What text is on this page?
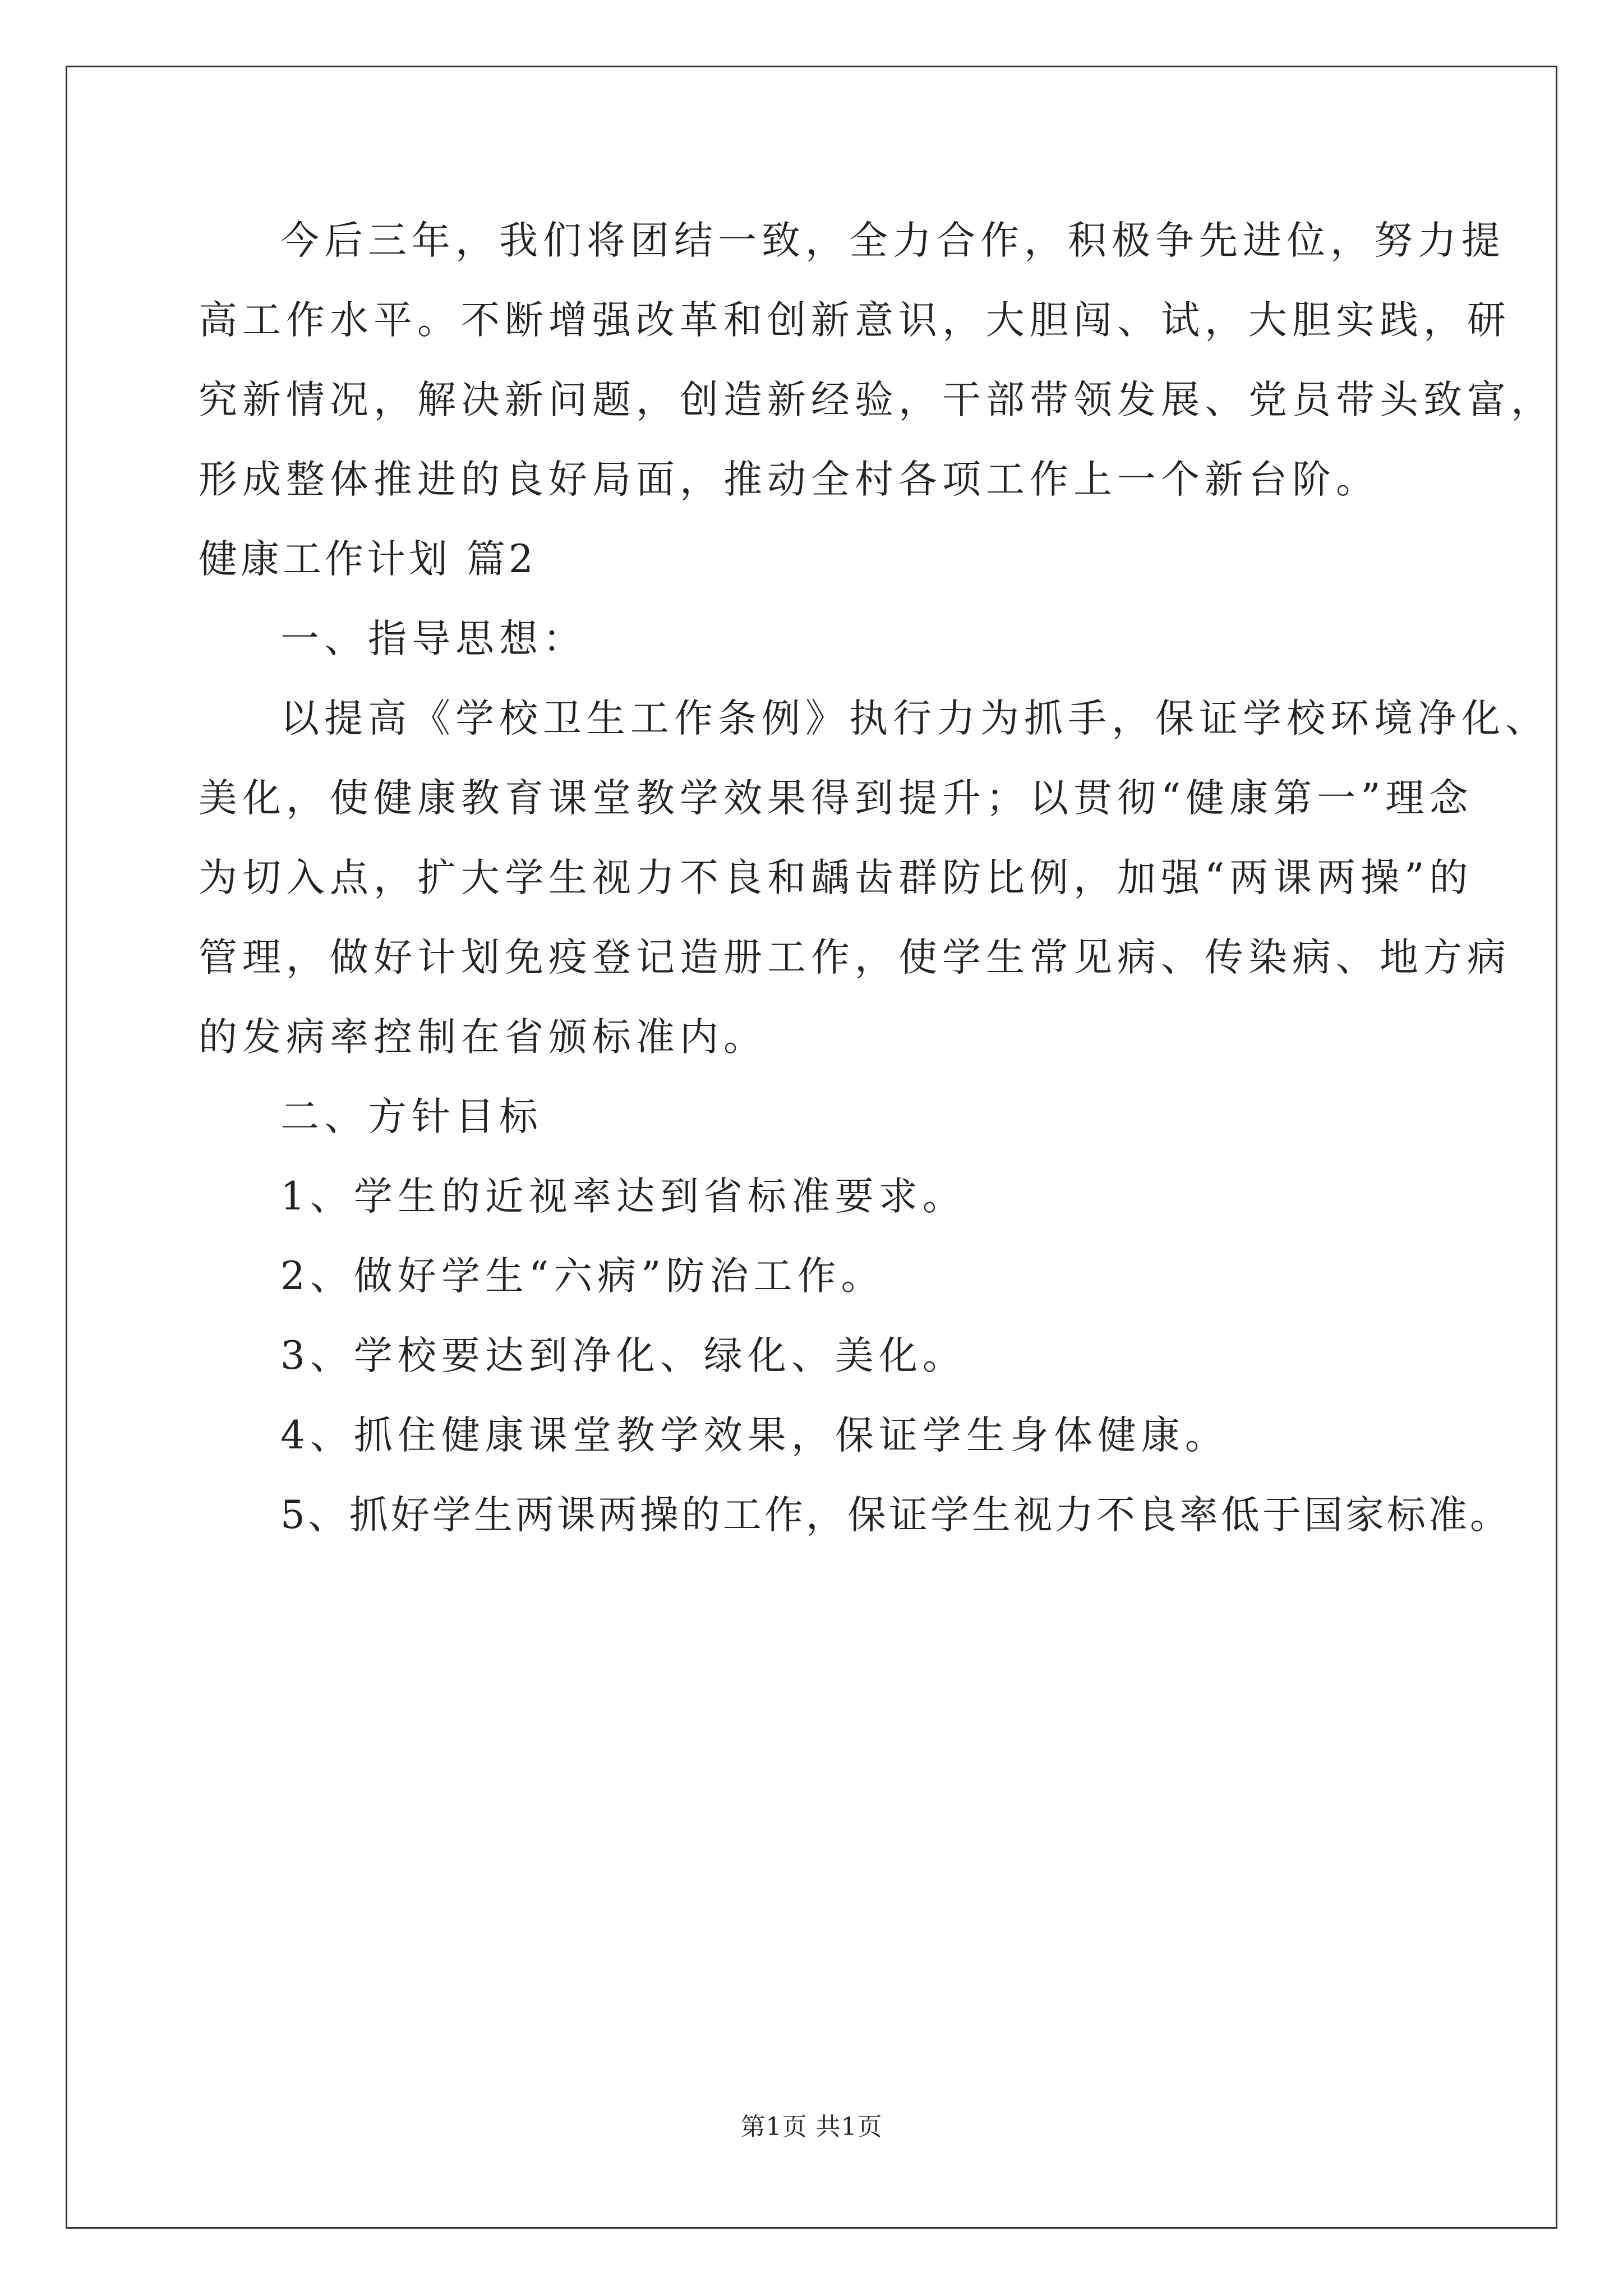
今后三年，我们将团结一致，全力合作，积极争先进位，努力提
高工作水平。不断增强改革和创新意识，大胆闯、试，大胆实践，研
究新情况，解决新问题，创造新经验，干部带领发展、党员带头致富，
形成整体推进的良好局面，推动全村各项工作上一个新台阶。
健康工作计划 篇2
一、指导思想：
以提高《学校卫生工作条例》执行力为抓手，保证学校环境净化、
美化，使健康教育课堂教学效果得到提升；以贯彻“健康第一”理念
为切入点，扩大学生视力不良和龋齿群防比例，加强“两课两操”的
管理，做好计划免疫登记造册工作，使学生常见病、传染病、地方病
的发病率控制在省颁标准内。
二、方针目标
1、学生的近视率达到省标准要求。
2、做好学生“六病”防治工作。
3、学校要达到净化、绿化、美化。
4、抓住健康课堂教学效果，保证学生身体健康。
5、抓好学生两课两操的工作，保证学生视力不良率低于国家标准。
第1页 共1页
